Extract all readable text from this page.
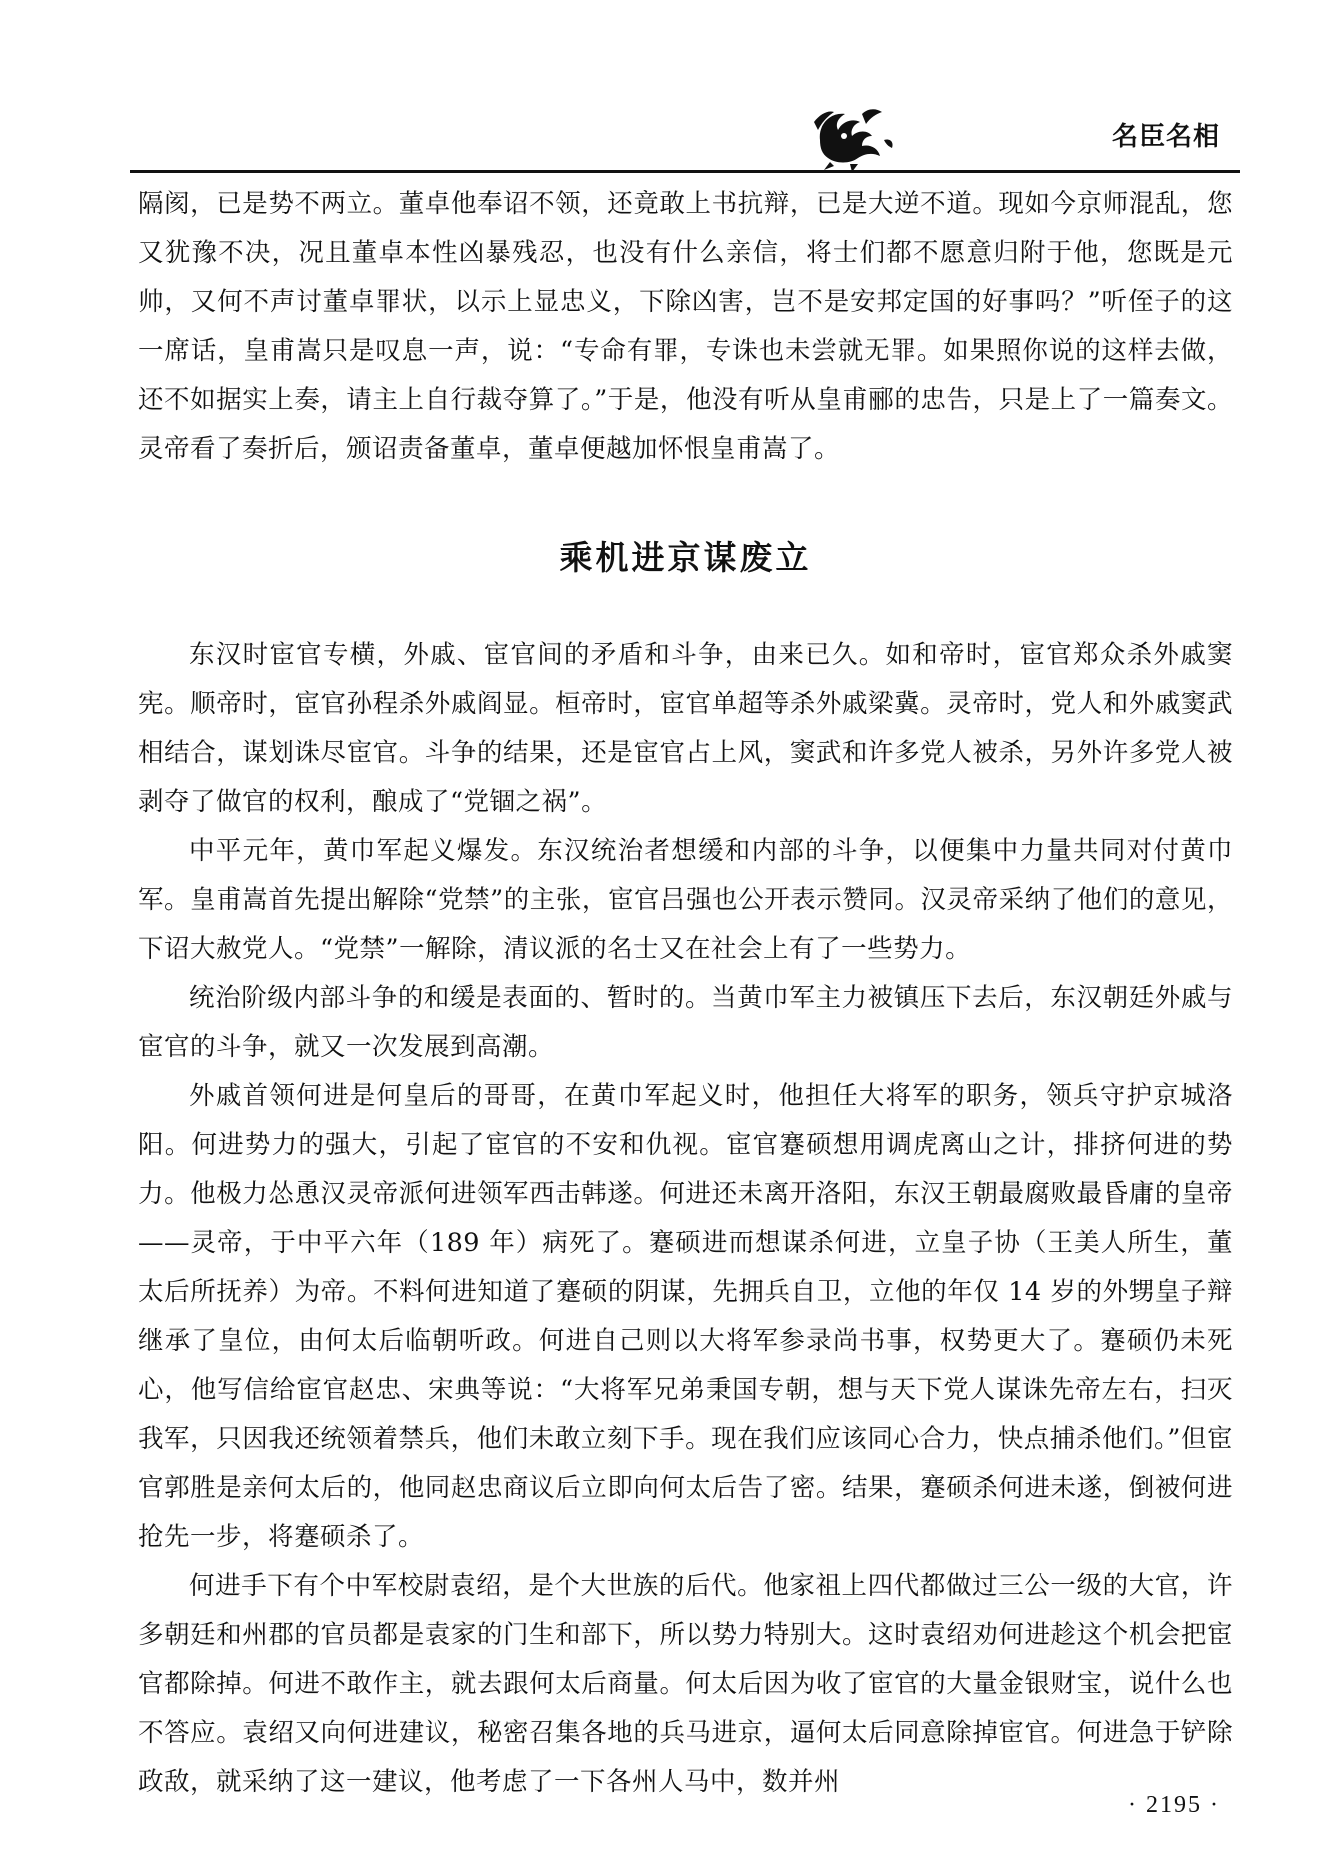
名臣名相

隔阂，已是势不两立。董卓他奉诏不领，还竟敢上书抗辩，已是大逆不道。现如今京师混乱，您又犹豫不决，况且董卓本性凶暴残忍，也没有什么亲信，将士们都不愿意归附于他，您既是元帅，又何不声讨董卓罪状，以示上显忠义，下除凶害，岂不是安邦定国的好事吗？”听侄子的这一席话，皇甫嵩只是叹息一声，说：“专命有罪，专诛也未尝就无罪。如果照你说的这样去做，还不如据实上奏，请主上自行裁夺算了。”于是，他没有听从皇甫郦的忠告，只是上了一篇奏文。灵帝看了奏折后，颁诏责备董卓，董卓便越加怀恨皇甫嵩了。

乘机进京谋废立

东汉时宦官专横，外戚、宦官间的矛盾和斗争，由来已久。如和帝时，宦官郑众杀外戚窦宪。顺帝时，宦官孙程杀外戚阎显。桓帝时，宦官单超等杀外戚梁冀。灵帝时，党人和外戚窦武相结合，谋划诛尽宦官。斗争的结果，还是宦官占上风，窦武和许多党人被杀，另外许多党人被剥夺了做官的权利，酿成了“党锢之祸”。

中平元年，黄巾军起义爆发。东汉统治者想缓和内部的斗争，以便集中力量共同对付黄巾军。皇甫嵩首先提出解除“党禁”的主张，宦官吕强也公开表示赞同。汉灵帝采纳了他们的意见，下诏大赦党人。“党禁”一解除，清议派的名士又在社会上有了一些势力。

统治阶级内部斗争的和缓是表面的、暂时的。当黄巾军主力被镇压下去后，东汉朝廷外戚与宦官的斗争，就又一次发展到高潮。

外戚首领何进是何皇后的哥哥，在黄巾军起义时，他担任大将军的职务，领兵守护京城洛阳。何进势力的强大，引起了宦官的不安和仇视。宦官蹇硕想用调虎离山之计，排挤何进的势力。他极力怂恿汉灵帝派何进领军西击韩遂。何进还未离开洛阳，东汉王朝最腐败最昏庸的皇帝——灵帝，于中平六年（189 年）病死了。蹇硕进而想谋杀何进，立皇子协（王美人所生，董太后所抚养）为帝。不料何进知道了蹇硕的阴谋，先拥兵自卫，立他的年仅 14 岁的外甥皇子辩继承了皇位，由何太后临朝听政。何进自己则以大将军参录尚书事，权势更大了。蹇硕仍未死心，他写信给宦官赵忠、宋典等说：“大将军兄弟秉国专朝，想与天下党人谋诛先帝左右，扫灭我军，只因我还统领着禁兵，他们未敢立刻下手。现在我们应该同心合力，快点捕杀他们。”但宦官郭胜是亲何太后的，他同赵忠商议后立即向何太后告了密。结果，蹇硕杀何进未遂，倒被何进抢先一步，将蹇硕杀了。

何进手下有个中军校尉袁绍，是个大世族的后代。他家祖上四代都做过三公一级的大官，许多朝廷和州郡的官员都是袁家的门生和部下，所以势力特别大。这时袁绍劝何进趁这个机会把宦官都除掉。何进不敢作主，就去跟何太后商量。何太后因为收了宦官的大量金银财宝，说什么也不答应。袁绍又向何进建议，秘密召集各地的兵马进京，逼何太后同意除掉宦官。何进急于铲除政敌，就采纳了这一建议，他考虑了一下各州人马中，数并州

· 2195 ·
